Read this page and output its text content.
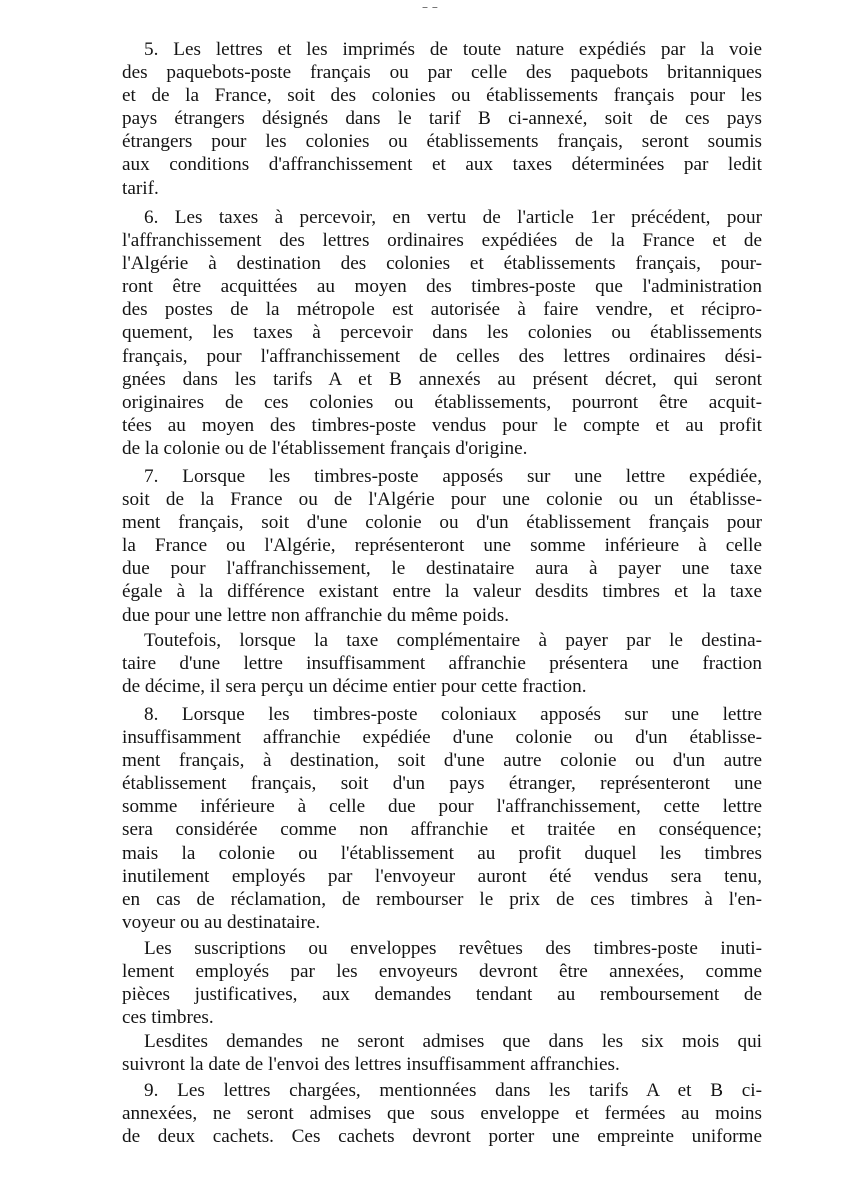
– –
5. Les lettres et les imprimés de toute nature expédiés par la voie
des paquebots-poste français ou par celle des paquebots britanniques
et de la France, soit des colonies ou établissements français pour les
pays étrangers désignés dans le tarif B ci-annexé, soit de ces pays
étrangers pour les colonies ou établissements français, seront soumis
aux conditions d'affranchissement et aux taxes déterminées par ledit
tarif.
6. Les taxes à percevoir, en vertu de l'article 1er précédent, pour
l'affranchissement des lettres ordinaires expédiées de la France et de
l'Algérie à destination des colonies et établissements français, pour-
ront être acquittées au moyen des timbres-poste que l'administration
des postes de la métropole est autorisée à faire vendre, et récipro-
quement, les taxes à percevoir dans les colonies ou établissements
français, pour l'affranchissement de celles des lettres ordinaires dési-
gnées dans les tarifs A et B annexés au présent décret, qui seront
originaires de ces colonies ou établissements, pourront être acquit-
tées au moyen des timbres-poste vendus pour le compte et au profit
de la colonie ou de l'établissement français d'origine.
7. Lorsque les timbres-poste apposés sur une lettre expédiée,
soit de la France ou de l'Algérie pour une colonie ou un établisse-
ment français, soit d'une colonie ou d'un établissement français pour
la France ou l'Algérie, représenteront une somme inférieure à celle
due pour l'affranchissement, le destinataire aura à payer une taxe
égale à la différence existant entre la valeur desdits timbres et la taxe
due pour une lettre non affranchie du même poids.
Toutefois, lorsque la taxe complémentaire à payer par le destina-
taire d'une lettre insuffisamment affranchie présentera une fraction
de décime, il sera perçu un décime entier pour cette fraction.
8. Lorsque les timbres-poste coloniaux apposés sur une lettre
insuffisamment affranchie expédiée d'une colonie ou d'un établisse-
ment français, à destination, soit d'une autre colonie ou d'un autre
établissement français, soit d'un pays étranger, représenteront une
somme inférieure à celle due pour l'affranchissement, cette lettre
sera considérée comme non affranchie et traitée en conséquence;
mais la colonie ou l'établissement au profit duquel les timbres
inutilement employés par l'envoyeur auront été vendus sera tenu,
en cas de réclamation, de rembourser le prix de ces timbres à l'en-
voyeur ou au destinataire.
Les suscriptions ou enveloppes revêtues des timbres-poste inuti-
lement employés par les envoyeurs devront être annexées, comme
pièces justificatives, aux demandes tendant au remboursement de
ces timbres.
Lesdites demandes ne seront admises que dans les six mois qui
suivront la date de l'envoi des lettres insuffisamment affranchies.
9. Les lettres chargées, mentionnées dans les tarifs A et B ci-
annexées, ne seront admises que sous enveloppe et fermées au moins
de deux cachets. Ces cachets devront porter une empreinte uniforme
